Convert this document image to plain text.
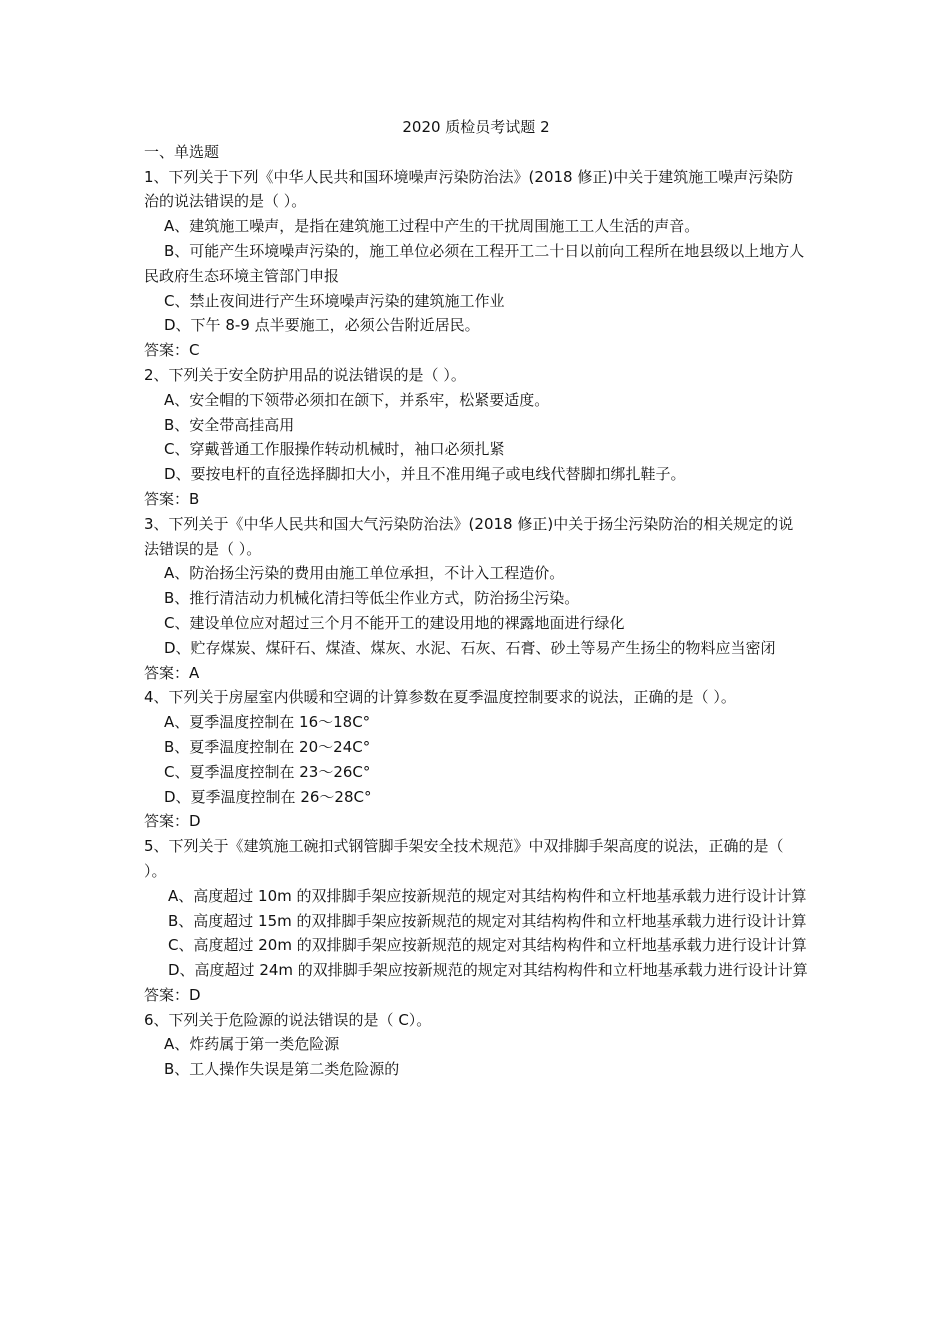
2020 质检员考试题 2
一、单选题
1、下列关于下列《中华人民共和国环境噪声污染防治法》(2018 修正)中关于建筑施工噪声污染防治的说法错误的是（ ）。
A、建筑施工噪声，是指在建筑施工过程中产生的干扰周围施工工人生活的声音。
B、可能产生环境噪声污染的，施工单位必须在工程开工二十日以前向工程所在地县级以上地方人民政府生态环境主管部门申报
C、禁止夜间进行产生环境噪声污染的建筑施工作业
D、下午 8-9 点半要施工，必须公告附近居民。
答案：C
2、下列关于安全防护用品的说法错误的是（ ）。
A、安全帽的下领带必须扣在颌下，并系牢，松紧要适度。
B、安全带高挂高用
C、穿戴普通工作服操作转动机械时，袖口必须扎紧
D、要按电杆的直径选择脚扣大小，并且不准用绳子或电线代替脚扣绑扎鞋子。
答案：B
3、下列关于《中华人民共和国大气污染防治法》(2018 修正)中关于扬尘污染防治的相关规定的说法错误的是（ ）。
A、防治扬尘污染的费用由施工单位承担，不计入工程造价。
B、推行清洁动力机械化清扫等低尘作业方式，防治扬尘污染。
C、建设单位应对超过三个月不能开工的建设用地的裸露地面进行绿化
D、贮存煤炭、煤矸石、煤渣、煤灰、水泥、石灰、石膏、砂土等易产生扬尘的物料应当密闭
答案：A
4、下列关于房屋室内供暖和空调的计算参数在夏季温度控制要求的说法，正确的是（ ）。
A、夏季温度控制在 16～18C°
B、夏季温度控制在 20～24C°
C、夏季温度控制在 23～26C°
D、夏季温度控制在 26～28C°
答案：D
5、下列关于《建筑施工碗扣式钢管脚手架安全技术规范》中双排脚手架高度的说法，正确的是（ ）。
A、高度超过 10m 的双排脚手架应按新规范的规定对其结构构件和立杆地基承载力进行设计计算
B、高度超过 15m 的双排脚手架应按新规范的规定对其结构构件和立杆地基承载力进行设计计算
C、高度超过 20m 的双排脚手架应按新规范的规定对其结构构件和立杆地基承载力进行设计计算
D、高度超过 24m 的双排脚手架应按新规范的规定对其结构构件和立杆地基承载力进行设计计算
答案：D
6、下列关于危险源的说法错误的是（ C）。
A、炸药属于第一类危险源
B、工人操作失误是第二类危险源的
